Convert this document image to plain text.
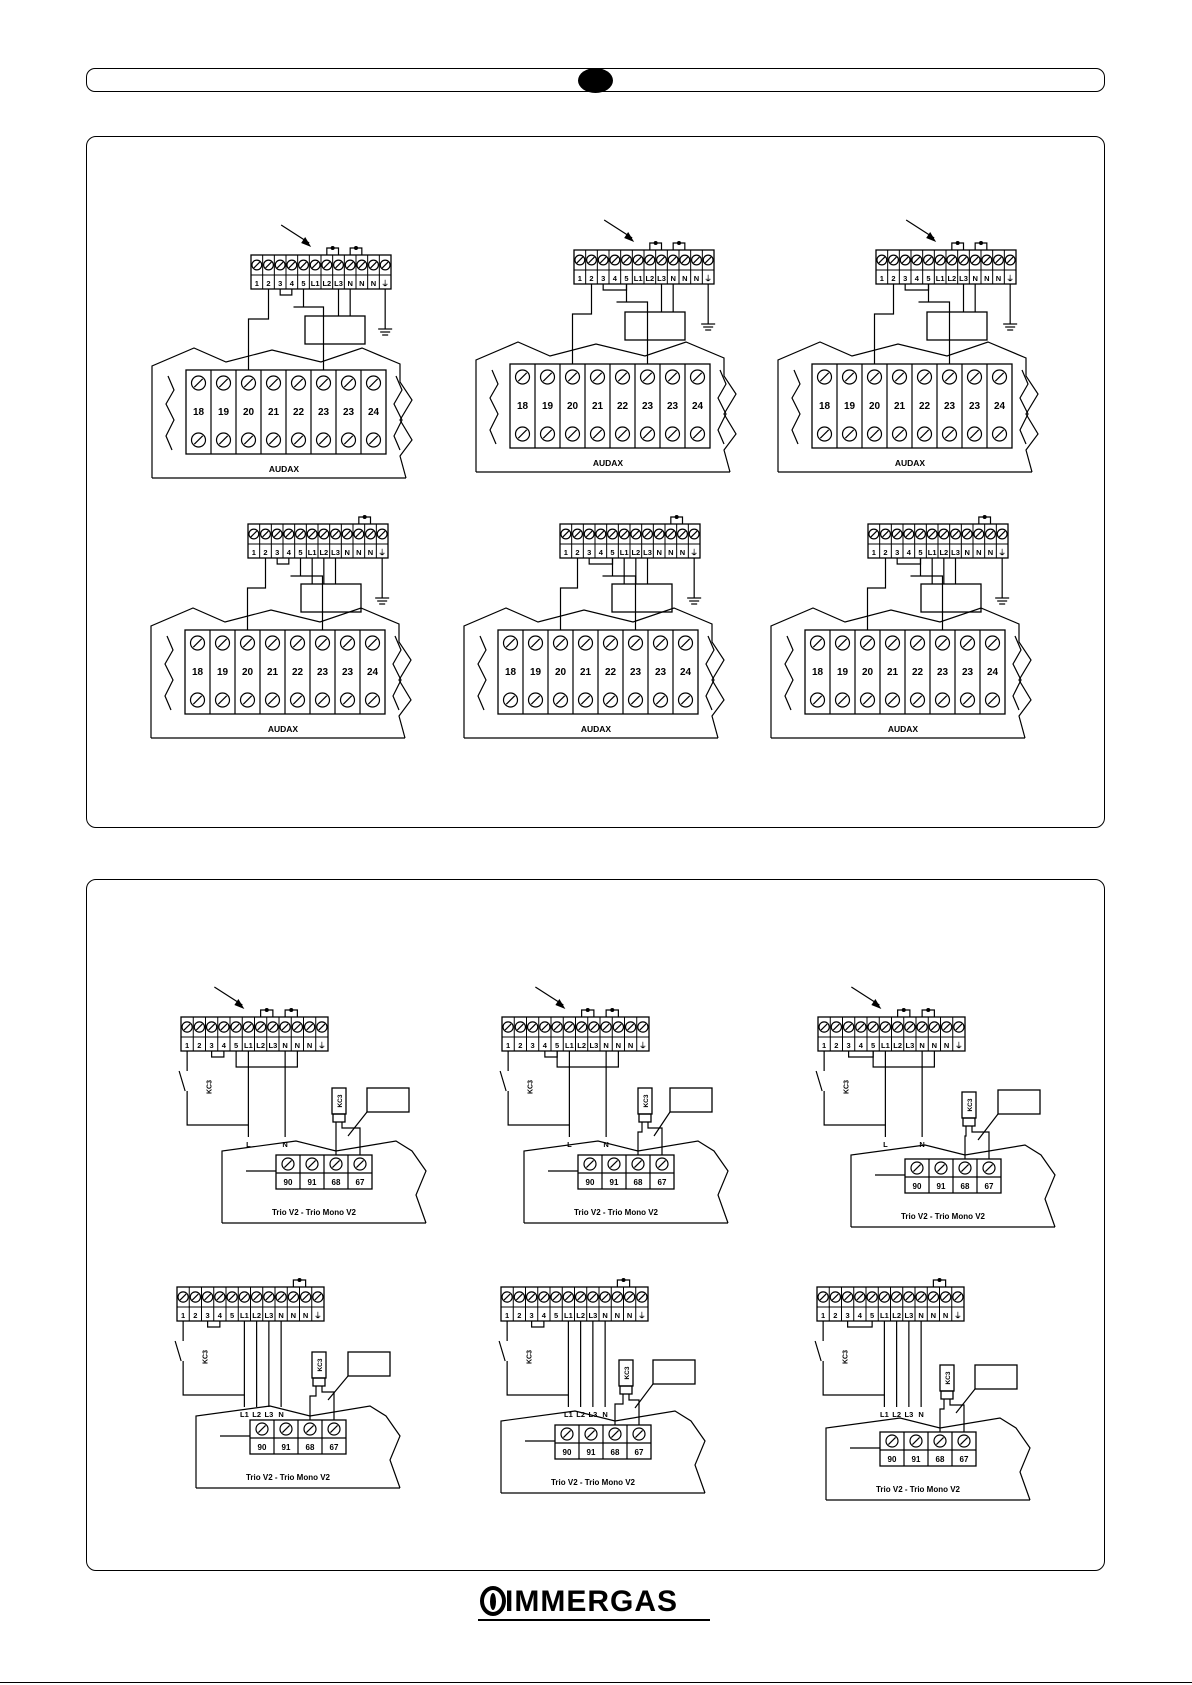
1 2 3 4 5 L1 L2 L3 N N N ⏚
18 19 20 21 22 23 23 24
AUDAX
1 2 3 4 5 L1 L2 L3 N N N ⏚
18 19 20 21 22 23 23 24
AUDAX
1 2 3 4 5 L1 L2 L3 N N N ⏚
18 19 20 21 22 23 23 24
AUDAX
1 2 3 4 5 L1 L2 L3 N N N ⏚
18 19 20 21 22 23 23 24
AUDAX
1 2 3 4 5 L1 L2 L3 N N N ⏚
18 19 20 21 22 23 23 24
AUDAX
1 2 3 4 5 L1 L2 L3 N N N ⏚
18 19 20 21 22 23 23 24
AUDAX
1 2 3 4 5 L1 L2 L3 N N N ⏚
90 91 68 67
Trio V2 - Trio Mono V2
KC3
L	N
KC3
1 2 3 4 5 L1 L2 L3 N N N ⏚
90 91 68 67
Trio V2 - Trio Mono V2
KC3
L	N
KC3
1 2 3 4 5 L1 L2 L3 N N N ⏚
90 91 68 67
Trio V2 - Trio Mono V2
KC3
L	N
KC3
1 2 3 4 5 L1 L2 L3 N N N ⏚
90 91 68 67
Trio V2 - Trio Mono V2
KC3
L1 L2 L3 N
KC3
1 2 3 4 5 L1 L2 L3 N N N ⏚
90 91 68 67
Trio V2 - Trio Mono V2
KC3
L1 L2 L3 N
KC3
1 2 3 4 5 L1 L2 L3 N N N ⏚
90 91 68 67
Trio V2 - Trio Mono V2
KC3
L1 L2 L3 N
KC3
IMMERGAS
